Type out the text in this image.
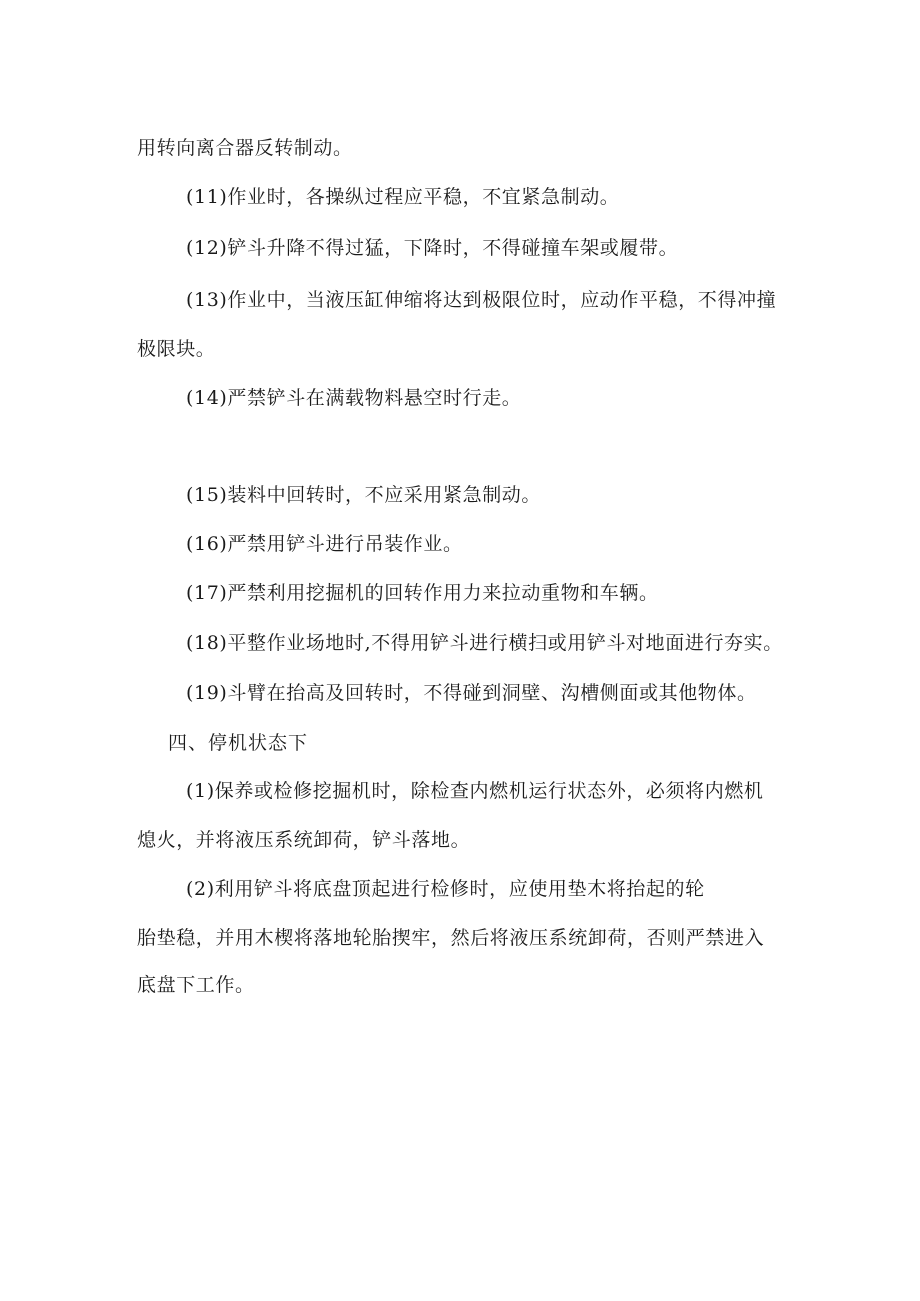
用转向离合器反转制动。
(11)作业时，各操纵过程应平稳，不宜紧急制动。
(12)铲斗升降不得过猛，下降时，不得碰撞车架或履带。
(13)作业中，当液压缸伸缩将达到极限位时，应动作平稳，不得冲撞
极限块。
(14)严禁铲斗在满载物料悬空时行走。
(15)装料中回转时，不应采用紧急制动。
(16)严禁用铲斗进行吊装作业。
(17)严禁利用挖掘机的回转作用力来拉动重物和车辆。
(18)平整作业场地时,不得用铲斗进行横扫或用铲斗对地面进行夯实。
(19)斗臂在抬高及回转时，不得碰到洞壁、沟槽侧面或其他物体。
四、停机状态下
(1)保养或检修挖掘机时，除检查内燃机运行状态外，必须将内燃机
熄火，并将液压系统卸荷，铲斗落地。
(2)利用铲斗将底盘顶起进行检修时，应使用垫木将抬起的轮
胎垫稳，并用木楔将落地轮胎揳牢，然后将液压系统卸荷，否则严禁进入
底盘下工作。
